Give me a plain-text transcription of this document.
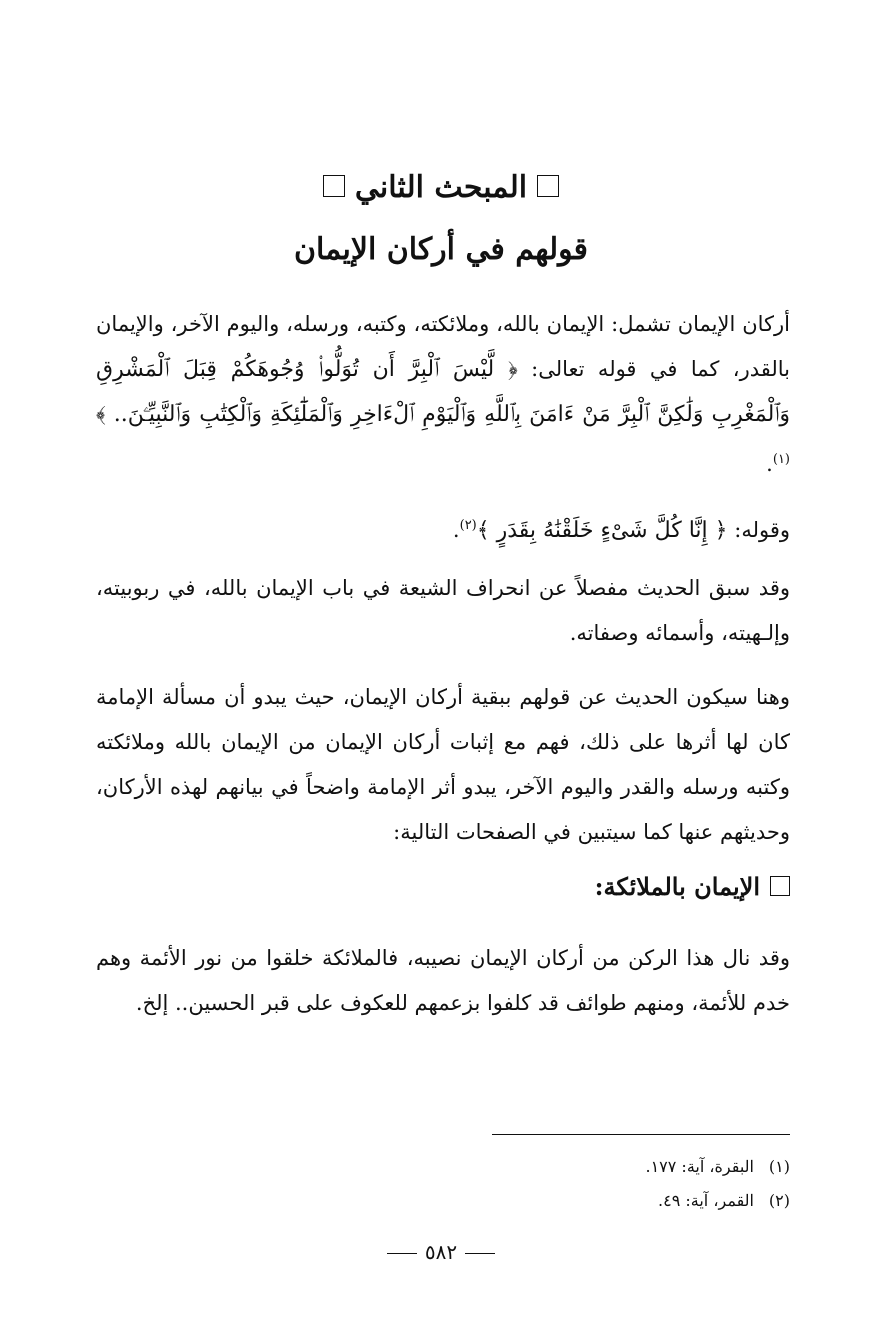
المبحث الثاني
قولهم في أركان الإيمان
أركان الإيمان تشمل: الإيمان بالله، وملائكته، وكتبه، ورسله، واليوم الآخر، والإيمان بالقدر، كما في قوله تعالى: ﴿ لَّيْسَ ٱلْبِرَّ أَن تُوَلُّوا۟ وُجُوهَكُمْ قِبَلَ ٱلْمَشْرِقِ وَٱلْمَغْرِبِ وَلَٰكِنَّ ٱلْبِرَّ مَنْ ءَامَنَ بِٱللَّهِ وَٱلْيَوْمِ ٱلْءَاخِرِ وَٱلْمَلَٰٓئِكَةِ وَٱلْكِتَٰبِ وَٱلنَّبِيِّـۧنَ.. ﴾$^{(١)}$.
وقوله: ﴿ إِنَّا كُلَّ شَىْءٍ خَلَقْنَٰهُ بِقَدَرٍ ﴾$^{(٢)}$.
وقد سبق الحديث مفصلاً عن انحراف الشيعة في باب الإيمان بالله، في ربوبيته، وإلـهيته، وأسمائه وصفاته.
وهنا سيكون الحديث عن قولهم ببقية أركان الإيمان، حيث يبدو أن مسألة الإمامة كان لها أثرها على ذلك، فهم مع إثبات أركان الإيمان من الإيمان بالله وملائكته وكتبه ورسله والقدر واليوم الآخر، يبدو أثر الإمامة واضحاً في بيانهم لهذه الأركان، وحديثهم عنها كما سيتبين في الصفحات التالية:
الإيمان بالملائكة:
وقد نال هذا الركن من أركان الإيمان نصيبه، فالملائكة خلقوا من نور الأئمة وهم خدم للأئمة، ومنهم طوائف قد كلفوا بزعمهم للعكوف على قبر الحسين.. إلخ.
(١)البقرة، آية: ١٧٧.
(٢)القمر، آية: ٤٩.
٥٨٢
